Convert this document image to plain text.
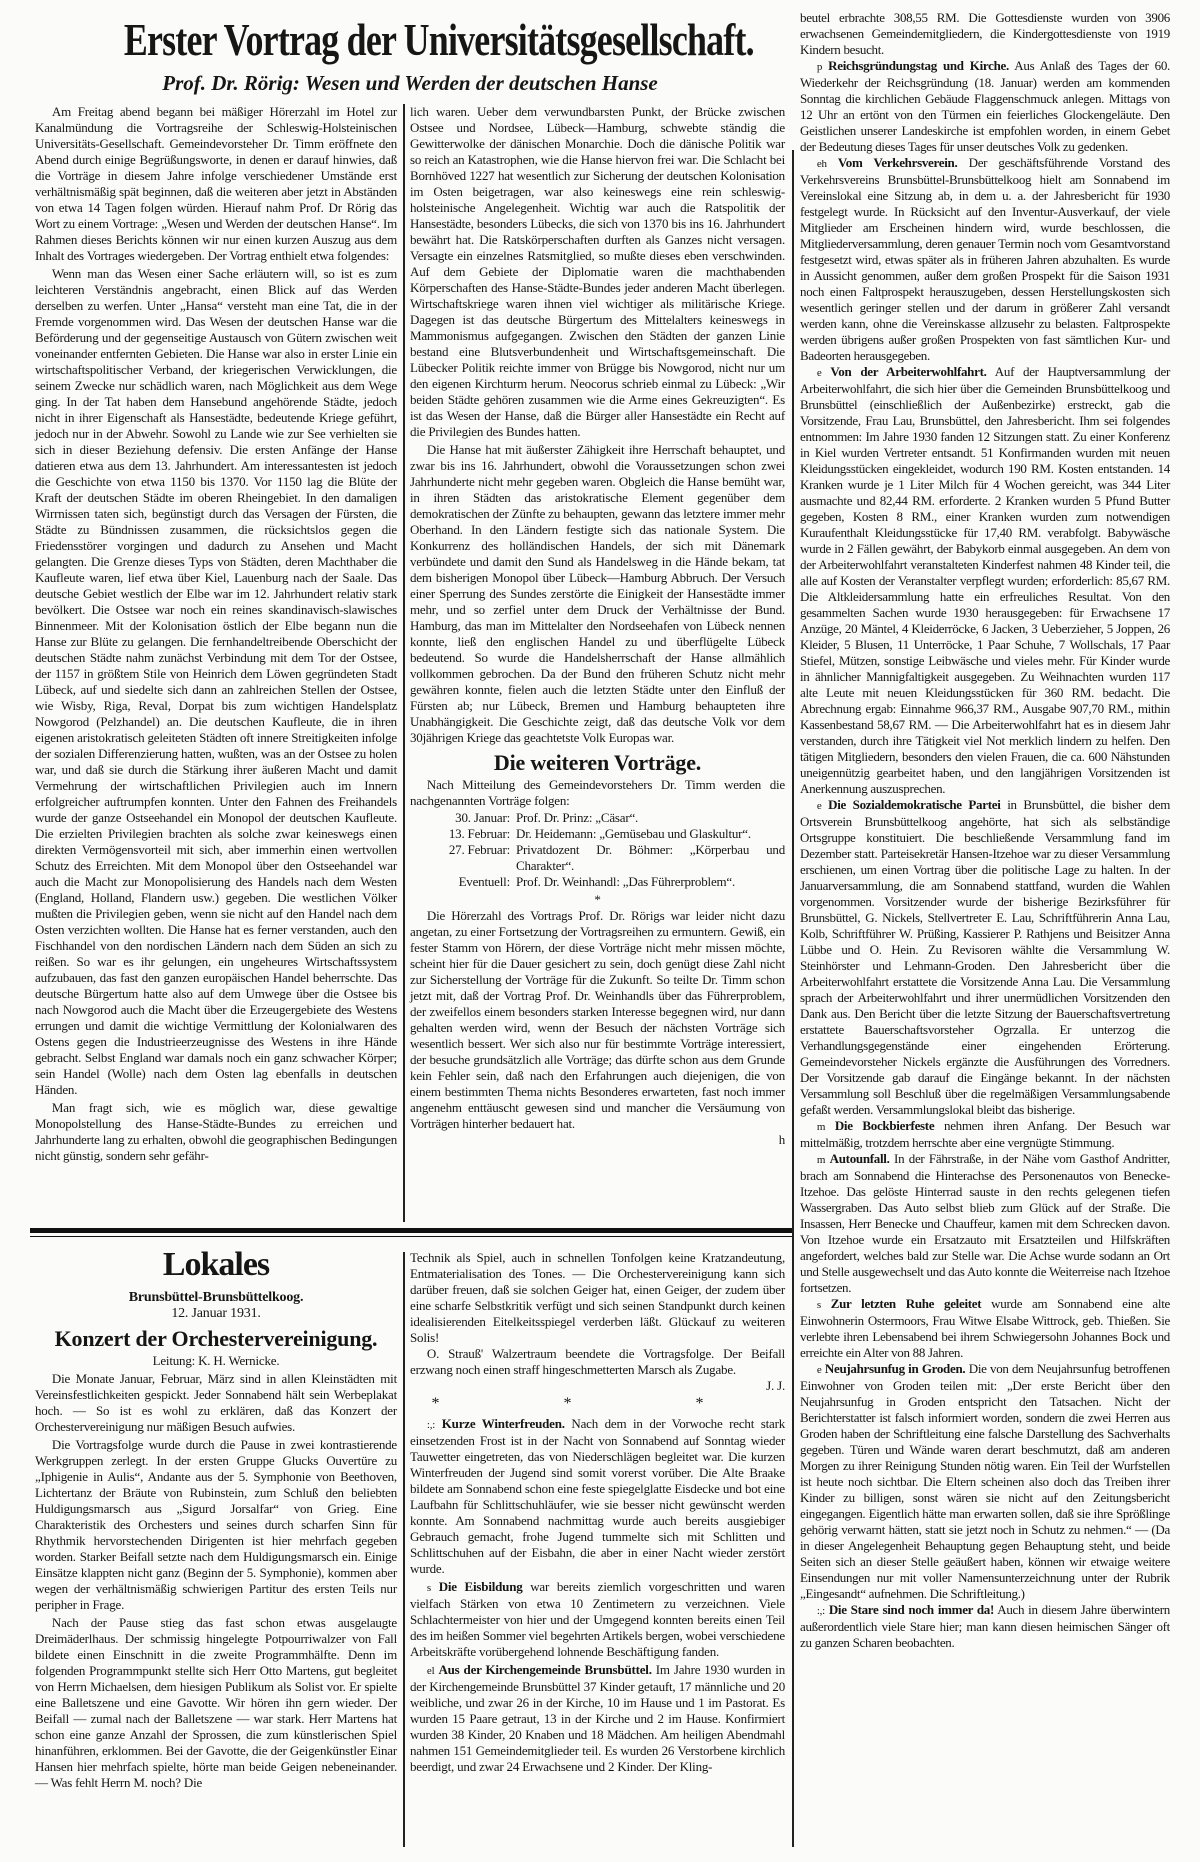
Erster Vortrag der Universitätsgesellschaft.
Prof. Dr. Rörig: Wesen und Werden der deutschen Hanse

Am Freitag abend begann bei mäßiger Hörerzahl im Hotel zur Kanalmündung die Vortragsreihe der Schleswig-Holsteinischen Universitäts-Gesellschaft. Gemeindevorsteher Dr. Timm eröffnete den Abend durch einige Begrüßungsworte, in denen er darauf hinwies, daß die Vorträge in diesem Jahre infolge verschiedener Umstände erst verhältnismäßig spät beginnen, daß die weiteren aber jetzt in Abständen von etwa 14 Tagen folgen würden. Hierauf nahm Prof. Dr Rörig das Wort zu einem Vortrage: „Wesen und Werden der deutschen Hanse“. Im Rahmen dieses Berichts können wir nur einen kurzen Auszug aus dem Inhalt des Vortrages wiedergeben. Der Vortrag enthielt etwa folgendes:

Wenn man das Wesen einer Sache erläutern will, so ist es zum leichteren Verständnis angebracht, einen Blick auf das Werden derselben zu werfen. Unter „Hansa“ versteht man eine Tat, die in der Fremde vorgenommen wird. Das Wesen der deutschen Hanse war die Beförderung und der gegenseitige Austausch von Gütern zwischen weit voneinander entfernten Gebieten. Die Hanse war also in erster Linie ein wirtschaftspolitischer Verband, der kriegerischen Verwicklungen, die seinem Zwecke nur schädlich waren, nach Möglichkeit aus dem Wege ging. In der Tat haben dem Hansebund angehörende Städte, jedoch nicht in ihrer Eigenschaft als Hansestädte, bedeutende Kriege geführt, jedoch nur in der Abwehr. Sowohl zu Lande wie zur See verhielten sie sich in dieser Beziehung defensiv. Die ersten Anfänge der Hanse datieren etwa aus dem 13. Jahrhundert. Am interessantesten ist jedoch die Geschichte von etwa 1150 bis 1370. Vor 1150 lag die Blüte der Kraft der deutschen Städte im oberen Rheingebiet. In den damaligen Wirrnissen taten sich, begünstigt durch das Versagen der Fürsten, die Städte zu Bündnissen zusammen, die rücksichtslos gegen die Friedensstörer vorgingen und dadurch zu Ansehen und Macht gelangten. Die Grenze dieses Typs von Städten, deren Machthaber die Kaufleute waren, lief etwa über Kiel, Lauenburg nach der Saale. Das deutsche Gebiet westlich der Elbe war im 12. Jahrhundert relativ stark bevölkert. Die Ostsee war noch ein reines skandinavisch-slawisches Binnenmeer. Mit der Kolonisation östlich der Elbe begann nun die Hanse zur Blüte zu gelangen. Die fernhandeltreibende Oberschicht der deutschen Städte nahm zunächst Verbindung mit dem Tor der Ostsee, der 1157 in größtem Stile von Heinrich dem Löwen gegründeten Stadt Lübeck, auf und siedelte sich dann an zahlreichen Stellen der Ostsee, wie Wisby, Riga, Reval, Dorpat bis zum wichtigen Handelsplatz Nowgorod (Pelzhandel) an. Die deutschen Kaufleute, die in ihren eigenen aristokratisch geleiteten Städten oft innere Streitigkeiten infolge der sozialen Differenzierung hatten, wußten, was an der Ostsee zu holen war, und daß sie durch die Stärkung ihrer äußeren Macht und damit Vermehrung der wirtschaftlichen Privilegien auch im Innern erfolgreicher auftrumpfen konnten. Unter den Fahnen des Freihandels wurde der ganze Ostseehandel ein Monopol der deutschen Kaufleute. Die erzielten Privilegien brachten als solche zwar keineswegs einen direkten Vermögensvorteil mit sich, aber immerhin einen wertvollen Schutz des Erreichten. Mit dem Monopol über den Ostseehandel war auch die Macht zur Monopolisierung des Handels nach dem Westen (England, Holland, Flandern usw.) gegeben. Die westlichen Völker mußten die Privilegien geben, wenn sie nicht auf den Handel nach dem Osten verzichten wollten. Die Hanse hat es ferner verstanden, auch den Fischhandel von den nordischen Ländern nach dem Süden an sich zu reißen. So war es ihr gelungen, ein ungeheures Wirtschaftssystem aufzubauen, das fast den ganzen europäischen Handel beherrschte. Das deutsche Bürgertum hatte also auf dem Umwege über die Ostsee bis nach Nowgorod auch die Macht über die Erzeugergebiete des Westens errungen und damit die wichtige Vermittlung der Kolonialwaren des Ostens gegen die Industrieerzeugnisse des Westens in ihre Hände gebracht. Selbst England war damals noch ein ganz schwacher Körper; sein Handel (Wolle) nach dem Osten lag ebenfalls in deutschen Händen.

Man fragt sich, wie es möglich war, diese gewaltige Monopolstellung des Hanse-Städte-Bundes zu erreichen und Jahrhunderte lang zu erhalten, obwohl die geographischen Bedingungen nicht günstig, sondern sehr gefähr-

lich waren. Ueber dem verwundbarsten Punkt, der Brücke zwischen Ostsee und Nordsee, Lübeck—Hamburg, schwebte ständig die Gewitterwolke der dänischen Monarchie. Doch die dänische Politik war so reich an Katastrophen, wie die Hanse hiervon frei war. Die Schlacht bei Bornhöved 1227 hat wesentlich zur Sicherung der deutschen Kolonisation im Osten beigetragen, war also keineswegs eine rein schleswig-holsteinische Angelegenheit. Wichtig war auch die Ratspolitik der Hansestädte, besonders Lübecks, die sich von 1370 bis ins 16. Jahrhundert bewährt hat. Die Ratskörperschaften durften als Ganzes nicht versagen. Versagte ein einzelnes Ratsmitglied, so mußte dieses eben verschwinden. Auf dem Gebiete der Diplomatie waren die machthabenden Körperschaften des Hanse-Städte-Bundes jeder anderen Macht überlegen. Wirtschaftskriege waren ihnen viel wichtiger als militärische Kriege. Dagegen ist das deutsche Bürgertum des Mittelalters keineswegs in Mammonismus aufgegangen. Zwischen den Städten der ganzen Linie bestand eine Blutsverbundenheit und Wirtschaftsgemeinschaft. Die Lübecker Politik reichte immer von Brügge bis Nowgorod, nicht nur um den eigenen Kirchturm herum. Neocorus schrieb einmal zu Lübeck: „Wir beiden Städte gehören zusammen wie die Arme eines Gekreuzigten“. Es ist das Wesen der Hanse, daß die Bürger aller Hansestädte ein Recht auf die Privilegien des Bundes hatten.

Die Hanse hat mit äußerster Zähigkeit ihre Herrschaft behauptet, und zwar bis ins 16. Jahrhundert, obwohl die Voraussetzungen schon zwei Jahrhunderte nicht mehr gegeben waren. Obgleich die Hanse bemüht war, in ihren Städten das aristokratische Element gegenüber dem demokratischen der Zünfte zu behaupten, gewann das letztere immer mehr Oberhand. In den Ländern festigte sich das nationale System. Die Konkurrenz des holländischen Handels, der sich mit Dänemark verbündete und damit den Sund als Handelsweg in die Hände bekam, tat dem bisherigen Monopol über Lübeck—Hamburg Abbruch. Der Versuch einer Sperrung des Sundes zerstörte die Einigkeit der Hansestädte immer mehr, und so zerfiel unter dem Druck der Verhältnisse der Bund. Hamburg, das man im Mittelalter den Nordseehafen von Lübeck nennen konnte, ließ den englischen Handel zu und überflügelte Lübeck bedeutend. So wurde die Handelsherrschaft der Hanse allmählich vollkommen gebrochen. Da der Bund den früheren Schutz nicht mehr gewähren konnte, fielen auch die letzten Städte unter den Einfluß der Fürsten ab; nur Lübeck, Bremen und Hamburg behaupteten ihre Unabhängigkeit. Die Geschichte zeigt, daß das deutsche Volk vor dem 30jährigen Kriege das geachtetste Volk Europas war.

Die weiteren Vorträge.

Nach Mitteilung des Gemeindevorstehers Dr. Timm werden die nachgenannten Vorträge folgen:

30. Januar: Prof. Dr. Prinz: „Cäsar“.
13. Februar: Dr. Heidemann: „Gemüsebau und Glaskultur“.
27. Februar: Privatdozent Dr. Böhmer: „Körperbau und Charakter“.
Eventuell: Prof. Dr. Weinhandl: „Das Führerproblem“.

*

Die Hörerzahl des Vortrags Prof. Dr. Rörigs war leider nicht dazu angetan, zu einer Fortsetzung der Vortragsreihen zu ermuntern. Gewiß, ein fester Stamm von Hörern, der diese Vorträge nicht mehr missen möchte, scheint hier für die Dauer gesichert zu sein, doch genügt diese Zahl nicht zur Sicherstellung der Vorträge für die Zukunft. So teilte Dr. Timm schon jetzt mit, daß der Vortrag Prof. Dr. Weinhandls über das Führerproblem, der zweifellos einem besonders starken Interesse begegnen wird, nur dann gehalten werden wird, wenn der Besuch der nächsten Vorträge sich wesentlich bessert. Wer sich also nur für bestimmte Vorträge interessiert, der besuche grundsätzlich alle Vorträge; das dürfte schon aus dem Grunde kein Fehler sein, daß nach den Erfahrungen auch diejenigen, die von einem bestimmten Thema nichts Besonderes erwarteten, fast noch immer angenehm enttäuscht gewesen sind und mancher die Versäumung von Vorträgen hinterher bedauert hat.

h

Lokales
Brunsbüttel-Brunsbüttelkoog.
12. Januar 1931.
Konzert der Orchestervereinigung.
Leitung: K. H. Wernicke.

Die Monate Januar, Februar, März sind in allen Kleinstädten mit Vereinsfestlichkeiten gespickt. Jeder Sonnabend hält sein Werbeplakat hoch. — So ist es wohl zu erklären, daß das Konzert der Orchestervereinigung nur mäßigen Besuch aufwies.

Die Vortragsfolge wurde durch die Pause in zwei kontrastierende Werkgruppen zerlegt. In der ersten Gruppe Glucks Ouvertüre zu „Iphigenie in Aulis“, Andante aus der 5. Symphonie von Beethoven, Lichtertanz der Bräute von Rubinstein, zum Schluß den beliebten Huldigungsmarsch aus „Sigurd Jorsalfar“ von Grieg. Eine Charakteristik des Orchesters und seines durch scharfen Sinn für Rhythmik hervorstechenden Dirigenten ist hier mehrfach gegeben worden. Starker Beifall setzte nach dem Huldigungsmarsch ein. Einige Einsätze klappten nicht ganz (Beginn der 5. Symphonie), kommen aber wegen der verhältnismäßig schwierigen Partitur des ersten Teils nur peripher in Frage.

Nach der Pause stieg das fast schon etwas ausgelaugte Dreimäderlhaus. Der schmissig hingelegte Potpourriwalzer von Fall bildete einen Einschnitt in die zweite Programmhälfte. Denn im folgenden Programmpunkt stellte sich Herr Otto Martens, gut begleitet von Herrn Michaelsen, dem hiesigen Publikum als Solist vor. Er spielte eine Balletszene und eine Gavotte. Wir hören ihn gern wieder. Der Beifall — zumal nach der Balletszene — war stark. Herr Martens hat schon eine ganze Anzahl der Sprossen, die zum künstlerischen Spiel hinanführen, erklommen. Bei der Gavotte, die der Geigenkünstler Einar Hansen hier mehrfach spielte, hörte man beide Geigen nebeneinander. — Was fehlt Herrn M. noch? Die

Technik als Spiel, auch in schnellen Tonfolgen keine Kratzandeutung, Entmaterialisation des Tones. — Die Orchestervereinigung kann sich darüber freuen, daß sie solchen Geiger hat, einen Geiger, der zudem über eine scharfe Selbstkritik verfügt und sich seinen Standpunkt durch keinen idealisierenden Eitelkeitsspiegel verderben läßt. Glückauf zu weiteren Solis!

O. Strauß' Walzertraum beendete die Vortragsfolge. Der Beifall erzwang noch einen straff hingeschmetterten Marsch als Zugabe.

J. J.

* * *

:,: Kurze Winterfreuden. Nach dem in der Vorwoche recht stark einsetzenden Frost ist in der Nacht von Sonnabend auf Sonntag wieder Tauwetter eingetreten, das von Niederschlägen begleitet war. Die kurzen Winterfreuden der Jugend sind somit vorerst vorüber. Die Alte Braake bildete am Sonnabend schon eine feste spiegelglatte Eisdecke und bot eine Laufbahn für Schlittschuhläufer, wie sie besser nicht gewünscht werden konnte. Am Sonnabend nachmittag wurde auch bereits ausgiebiger Gebrauch gemacht, frohe Jugend tummelte sich mit Schlitten und Schlittschuhen auf der Eisbahn, die aber in einer Nacht wieder zerstört wurde.

s Die Eisbildung war bereits ziemlich vorgeschritten und waren vielfach Stärken von etwa 10 Zentimetern zu verzeichnen. Viele Schlachtermeister von hier und der Umgegend konnten bereits einen Teil des im heißen Sommer viel begehrten Artikels bergen, wobei verschiedene Arbeitskräfte vorübergehend lohnende Beschäftigung fanden.

el Aus der Kirchengemeinde Brunsbüttel. Im Jahre 1930 wurden in der Kirchengemeinde Brunsbüttel 37 Kinder getauft, 17 männliche und 20 weibliche, und zwar 26 in der Kirche, 10 im Hause und 1 im Pastorat. Es wurden 15 Paare getraut, 13 in der Kirche und 2 im Hause. Konfirmiert wurden 38 Kinder, 20 Knaben und 18 Mädchen. Am heiligen Abendmahl nahmen 151 Gemeindemitglieder teil. Es wurden 26 Verstorbene kirchlich beerdigt, und zwar 24 Erwachsene und 2 Kinder. Der Kling-

beutel erbrachte 308,55 RM. Die Gottesdienste wurden von 3906 erwachsenen Gemeindemitgliedern, die Kindergottesdienste von 1919 Kindern besucht.

p Reichsgründungstag und Kirche. Aus Anlaß des Tages der 60. Wiederkehr der Reichsgründung (18. Januar) werden am kommenden Sonntag die kirchlichen Gebäude Flaggenschmuck anlegen. Mittags von 12 Uhr an ertönt von den Türmen ein feierliches Glockengeläute. Den Geistlichen unserer Landeskirche ist empfohlen worden, in einem Gebet der Bedeutung dieses Tages für unser deutsches Volk zu gedenken.

eh Vom Verkehrsverein. Der geschäftsführende Vorstand des Verkehrsvereins Brunsbüttel-Brunsbüttelkoog hielt am Sonnabend im Vereinslokal eine Sitzung ab, in dem u. a. der Jahresbericht für 1930 festgelegt wurde. In Rücksicht auf den Inventur-Ausverkauf, der viele Mitglieder am Erscheinen hindern wird, wurde beschlossen, die Mitgliederversammlung, deren genauer Termin noch vom Gesamtvorstand festgesetzt wird, etwas später als in früheren Jahren abzuhalten. Es wurde in Aussicht genommen, außer dem großen Prospekt für die Saison 1931 noch einen Faltprospekt herauszugeben, dessen Herstellungskosten sich wesentlich geringer stellen und der darum in größerer Zahl versandt werden kann, ohne die Vereinskasse allzusehr zu belasten. Faltprospekte werden übrigens außer großen Prospekten von fast sämtlichen Kur- und Badeorten herausgegeben.

e Von der Arbeiterwohlfahrt. Auf der Hauptversammlung der Arbeiterwohlfahrt, die sich hier über die Gemeinden Brunsbüttelkoog und Brunsbüttel (einschließlich der Außenbezirke) erstreckt, gab die Vorsitzende, Frau Lau, Brunsbüttel, den Jahresbericht. Ihm sei folgendes entnommen: Im Jahre 1930 fanden 12 Sitzungen statt. Zu einer Konferenz in Kiel wurden Vertreter entsandt. 51 Konfirmanden wurden mit neuen Kleidungsstücken eingekleidet, wodurch 190 RM. Kosten entstanden. 14 Kranken wurde je 1 Liter Milch für 4 Wochen gereicht, was 344 Liter ausmachte und 82,44 RM. erforderte. 2 Kranken wurden 5 Pfund Butter gegeben, Kosten 8 RM., einer Kranken wurden zum notwendigen Kuraufenthalt Kleidungsstücke für 17,40 RM. verabfolgt. Babywäsche wurde in 2 Fällen gewährt, der Babykorb einmal ausgegeben. An dem von der Arbeiterwohlfahrt veranstalteten Kinderfest nahmen 48 Kinder teil, die alle auf Kosten der Veranstalter verpflegt wurden; erforderlich: 85,67 RM. Die Altkleidersammlung hatte ein erfreuliches Resultat. Von den gesammelten Sachen wurde 1930 herausgegeben: für Erwachsene 17 Anzüge, 20 Mäntel, 4 Kleiderröcke, 6 Jacken, 3 Ueberzieher, 5 Joppen, 26 Kleider, 5 Blusen, 11 Unterröcke, 1 Paar Schuhe, 7 Wollschals, 17 Paar Stiefel, Mützen, sonstige Leibwäsche und vieles mehr. Für Kinder wurde in ähnlicher Mannigfaltigkeit ausgegeben. Zu Weihnachten wurden 117 alte Leute mit neuen Kleidungsstücken für 360 RM. bedacht. Die Abrechnung ergab: Einnahme 966,37 RM., Ausgabe 907,70 RM., mithin Kassenbestand 58,67 RM. — Die Arbeiterwohlfahrt hat es in diesem Jahr verstanden, durch ihre Tätigkeit viel Not merklich lindern zu helfen. Den tätigen Mitgliedern, besonders den vielen Frauen, die ca. 600 Nähstunden uneigennützig gearbeitet haben, und den langjährigen Vorsitzenden ist Anerkennung auszusprechen.

e Die Sozialdemokratische Partei in Brunsbüttel, die bisher dem Ortsverein Brunsbüttelkoog angehörte, hat sich als selbständige Ortsgruppe konstituiert. Die beschließende Versammlung fand im Dezember statt. Parteisekretär Hansen-Itzehoe war zu dieser Versammlung erschienen, um einen Vortrag über die politische Lage zu halten. In der Januarversammlung, die am Sonnabend stattfand, wurden die Wahlen vorgenommen. Vorsitzender wurde der bisherige Bezirksführer für Brunsbüttel, G. Nickels, Stellvertreter E. Lau, Schriftführerin Anna Lau, Kolb, Schriftführer W. Prüßing, Kassierer P. Rathjens und Beisitzer Anna Lübbe und O. Hein. Zu Revisoren wählte die Versammlung W. Steinhörster und Lehmann-Groden. Den Jahresbericht über die Arbeiterwohlfahrt erstattete die Vorsitzende Anna Lau. Die Versammlung sprach der Arbeiterwohlfahrt und ihrer unermüdlichen Vorsitzenden den Dank aus. Den Bericht über die letzte Sitzung der Bauerschaftsvertretung erstattete Bauerschaftsvorsteher Ogrzalla. Er unterzog die Verhandlungsgegenstände einer eingehenden Erörterung. Gemeindevorsteher Nickels ergänzte die Ausführungen des Vorredners. Der Vorsitzende gab darauf die Eingänge bekannt. In der nächsten Versammlung soll Beschluß über die regelmäßigen Versammlungsabende gefaßt werden. Versammlungslokal bleibt das bisherige.

m Die Bockbierfeste nehmen ihren Anfang. Der Besuch war mittelmäßig, trotzdem herrschte aber eine vergnügte Stimmung.

m Autounfall. In der Fährstraße, in der Nähe vom Gasthof Andritter, brach am Sonnabend die Hinterachse des Personenautos von Benecke-Itzehoe. Das gelöste Hinterrad sauste in den rechts gelegenen tiefen Wassergraben. Das Auto selbst blieb zum Glück auf der Straße. Die Insassen, Herr Benecke und Chauffeur, kamen mit dem Schrecken davon. Von Itzehoe wurde ein Ersatzauto mit Ersatzteilen und Hilfskräften angefordert, welches bald zur Stelle war. Die Achse wurde sodann an Ort und Stelle ausgewechselt und das Auto konnte die Weiterreise nach Itzehoe fortsetzen.

s Zur letzten Ruhe geleitet wurde am Sonnabend eine alte Einwohnerin Ostermoors, Frau Witwe Elsabe Wittrock, geb. Thießen. Sie verlebte ihren Lebensabend bei ihrem Schwiegersohn Johannes Bock und erreichte ein Alter von 88 Jahren.

e Neujahrsunfug in Groden. Die von dem Neujahrsunfug betroffenen Einwohner von Groden teilen mit: „Der erste Bericht über den Neujahrsunfug in Groden entspricht den Tatsachen. Nicht der Berichterstatter ist falsch informiert worden, sondern die zwei Herren aus Groden haben der Schriftleitung eine falsche Darstellung des Sachverhalts gegeben. Türen und Wände waren derart beschmutzt, daß am anderen Morgen zu ihrer Reinigung Stunden nötig waren. Ein Teil der Wurfstellen ist heute noch sichtbar. Die Eltern scheinen also doch das Treiben ihrer Kinder zu billigen, sonst wären sie nicht auf den Zeitungsbericht eingegangen. Eigentlich hätte man erwarten sollen, daß sie ihre Sprößlinge gehörig verwarnt hätten, statt sie jetzt noch in Schutz zu nehmen.“ — (Da in dieser Angelegenheit Behauptung gegen Behauptung steht, und beide Seiten sich an dieser Stelle geäußert haben, können wir etwaige weitere Einsendungen nur mit voller Namensunterzeichnung unter der Rubrik „Eingesandt“ aufnehmen. Die Schriftleitung.)

:,: Die Stare sind noch immer da! Auch in diesem Jahre überwintern außerordentlich viele Stare hier; man kann diesen heimischen Sänger oft zu ganzen Scharen beobachten.
